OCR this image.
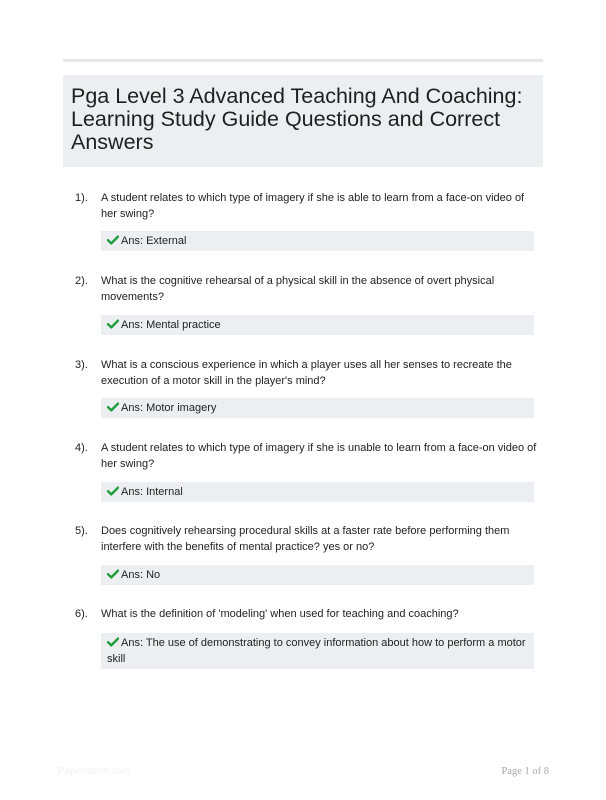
Pga Level 3 Advanced Teaching And Coaching: Learning Study Guide Questions and Correct Answers
1). A student relates to which type of imagery if she is able to learn from a face-on video of her swing?
Ans: External
2). What is the cognitive rehearsal of a physical skill in the absence of overt physical movements?
Ans: Mental practice
3). What is a conscious experience in which a player uses all her senses to recreate the execution of a motor skill in the player's mind?
Ans: Motor imagery
4). A student relates to which type of imagery if she is unable to learn from a face-on video of her swing?
Ans: Internal
5). Does cognitively rehearsing procedural skills at a faster rate before performing them interfere with the benefits of mental practice? yes or no?
Ans: No
6). What is the definition of 'modeling' when used for teaching and coaching?
Ans: The use of demonstrating to convey information about how to perform a motor skill
Paperstime.com	Page 1 of 8
